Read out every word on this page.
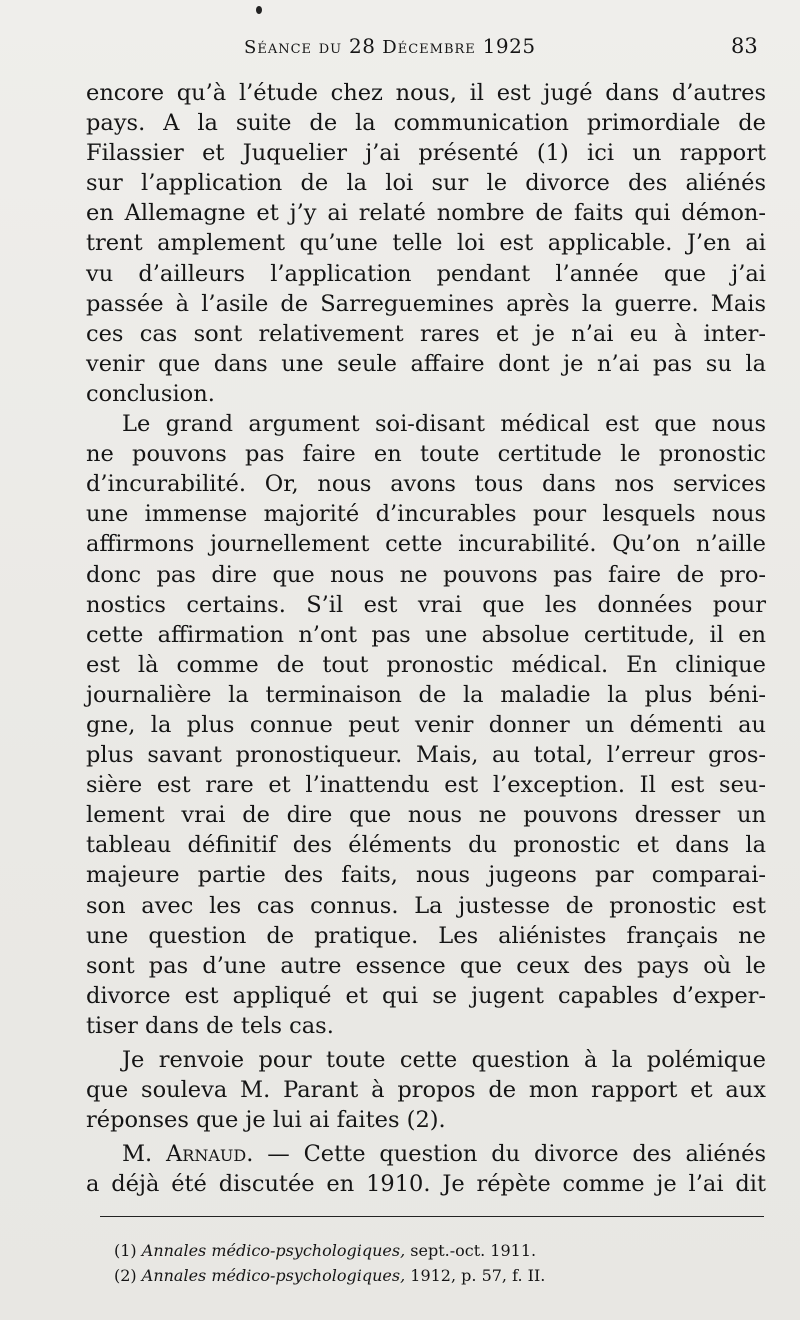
Séance du 28 Décembre 1925	83
encore qu’à l’étude chez nous, il est jugé dans d’autres
pays. A la suite de la communication primordiale de
Filassier et Juquelier j’ai présenté (1) ici un rapport
sur l’application de la loi sur le divorce des aliénés
en Allemagne et j’y ai relaté nombre de faits qui démon-
trent amplement qu’une telle loi est applicable. J’en ai
vu d’ailleurs l’application pendant l’année que j’ai
passée à l’asile de Sarreguemines après la guerre. Mais
ces cas sont relativement rares et je n’ai eu à inter-
venir que dans une seule affaire dont je n’ai pas su la
conclusion.
Le grand argument soi-disant médical est que nous
ne pouvons pas faire en toute certitude le pronostic
d’incurabilité. Or, nous avons tous dans nos services
une immense majorité d’incurables pour lesquels nous
affirmons journellement cette incurabilité. Qu’on n’aille
donc pas dire que nous ne pouvons pas faire de pro-
nostics certains. S’il est vrai que les données pour
cette affirmation n’ont pas une absolue certitude, il en
est là comme de tout pronostic médical. En clinique
journalière la terminaison de la maladie la plus béni-
gne, la plus connue peut venir donner un démenti au
plus savant pronostiqueur. Mais, au total, l’erreur gros-
sière est rare et l’inattendu est l’exception. Il est seu-
lement vrai de dire que nous ne pouvons dresser un
tableau définitif des éléments du pronostic et dans la
majeure partie des faits, nous jugeons par comparai-
son avec les cas connus. La justesse de pronostic est
une question de pratique. Les aliénistes français ne
sont pas d’une autre essence que ceux des pays où le
divorce est appliqué et qui se jugent capables d’exper-
tiser dans de tels cas.
Je renvoie pour toute cette question à la polémique
que souleva M. Parant à propos de mon rapport et aux
réponses que je lui ai faites (2).
M. Arnaud. — Cette question du divorce des aliénés
a déjà été discutée en 1910. Je répète comme je l’ai dit
(1) Annales médico-psychologiques, sept.-oct. 1911.
(2) Annales médico-psychologiques, 1912, p. 57, f. II.
